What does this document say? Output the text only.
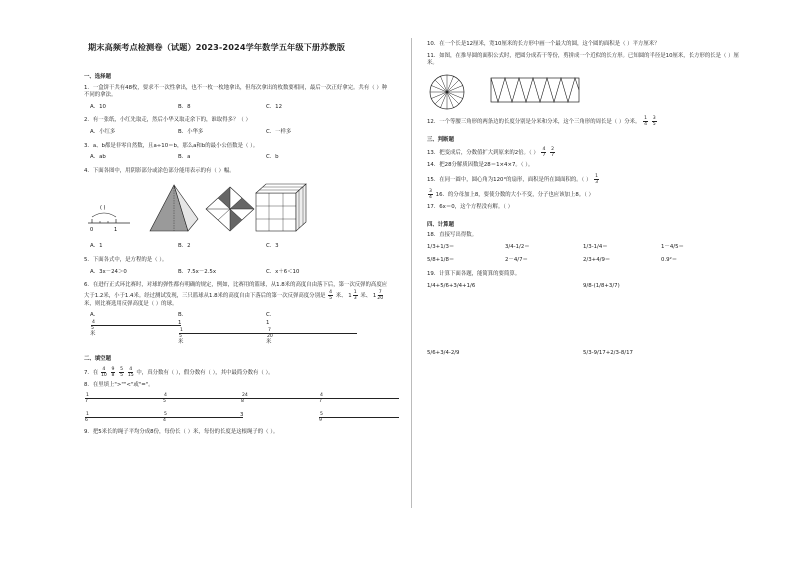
期末高频考点检测卷（试题）2023-2024学年数学五年级下册苏教版
一、选择题
1．一盒饼干共有48枚，要求不一次性拿出，也不一枚一枚地拿出，但每次拿出的枚数要相同，最后一次正好拿完。共有（ ）种不同的拿法。
A．10	B．8	C．12
2．有一张纸，小红先取走，然后小华又取走余下的，谁取得多？（ ）
A．小红多	B．小华多	C．一样多
3．a、b都是非零自然数，且a÷10＝b，那么a和b的最小公倍数是（ ）。
A．ab	B．a	C．b
4．下面各图中，用阴影部分或涂色部分能用表示的有（ ）幅。
( )
0	1
A．1	B．2	C．3
5．下面各式中，是方程的是（ ）。
A．3x－24＞0	B．7.5x－2.5x	C．x＋6＜10
6．在进行正式环比赛时，对球的弹性都有明确的规定，例如，比赛用的篮球，从1.8米的高度自由落下后，第一次反弹的高度应大于1.2米，小于1.4米。经过测试发现，三只篮球从1.8米的高度自由下落后的第一次反弹高度分别是 $\frac{4}{5}$ 米、 $1 \frac{1}{3}$ 米、 $1 \frac{7}{20}$
米，则比赛选用反弹高度是（ ）的球。
A．$\frac{4}{5}$米
B．$1\frac{1}{5}$米
C．$1\frac{7}{20}$米
二、填空题
7．在 $\frac{4}{10}$
$\frac{9}{8}$
$\frac{5}{5}$
$\frac{4}{15}$ 中，真分数有（ ），假分数有（ ），其中最简分数有（ ）。
8．在里填上">""<"或"="。
$\frac{1}{7}\frac{1}{6}$
$\frac{4}{5}\frac{5}{4}$
$\frac{24}{8}3$
$\frac{4}{7}\frac{5}{9}$
9．把5米长的绳子平均分成8份，每份长（ ）米，每份的长度是这根绳子的（ ）。
10．在一个长是12厘米，宽10厘米的长方形中画一个最大的圆，这个圆的面积是（ ）平方厘米？
11．如图，在推导圆的面积公式时，把圆分成若干等份，剪拼成一个近似的长方形。已知圆的半径是10厘米，长方形的长是（ ）厘米。
12．一个等腰三角形的两条边的长度分别是分米和分米，这个三角形的周长是（ ）分米。 $\frac{1}{4}$
$\frac{3}{5}$
三、判断题
13．把变成后，分数值扩大到原来的2倍。（ ） $\frac{4}{7}$
$\frac{2}{7}$
14．把28分解质因数是28＝1×4×7。（ ）。
15．在同一圆中，圆心角为120°的扇形，面积是所在圆面积的。（ ） $\frac{1}{3}$
$\frac{3}{4} 16$．的分母加上8，要使分数的大小不变，分子也应该加上8。（ ）
17．6x＝0，这个方程没有解。（ ）
四、计算题
18．直接写出得数。
1/3+1/3＝	3/4-1/2＝	1/3-1/4＝	1－4/5＝
5/8+1/8＝	2－4/7＝	2/3+4/9＝	0.9²＝
19．计算下面各题，能简算的要简算。
1/4+5/6+3/4+1/6	9/8-(1/8+3/7)
5/6+3/4-2/9	5/3-9/17+2/3-8/17
